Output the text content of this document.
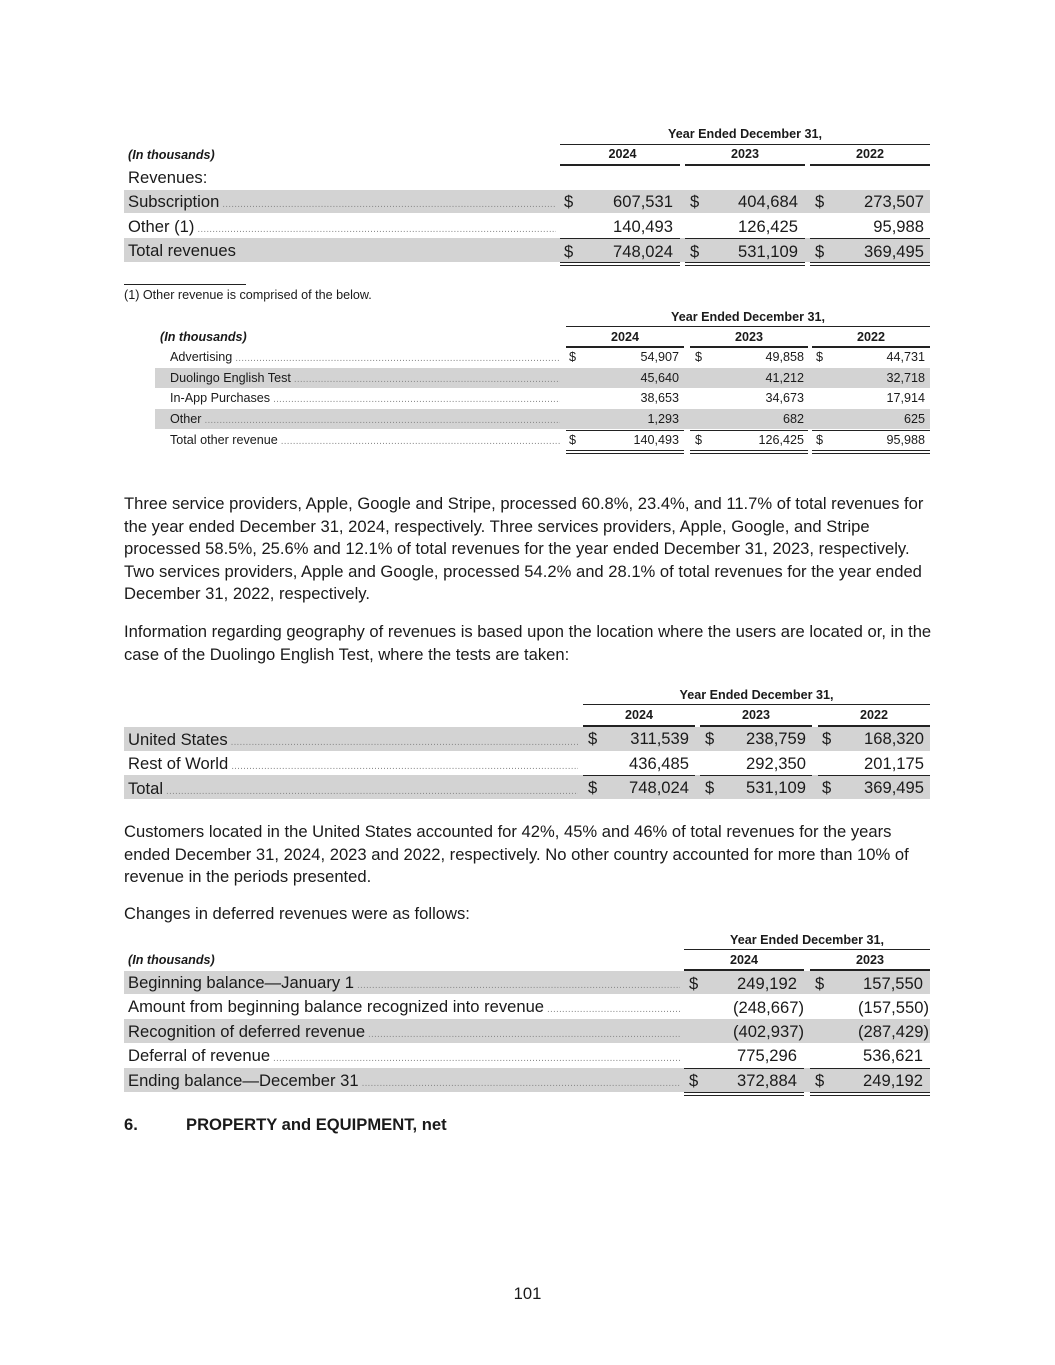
Year Ended December 31,
(In thousands)	2024	2023	2022
Revenues:
Subscription .....	$	607,531 $	404,684 $	273,507
Other (1) .....	140,493	126,425	95,988
Total revenues	$	748,024 $	531,109 $	369,495
(1) Other revenue is comprised of the below.
Year Ended December 31,
(In thousands)	2024	2023	2022
Advertising .....	$	54,907 $	49,858 $	44,731
Duolingo English Test .....	45,640	41,212	32,718
In-App Purchases .....	38,653	34,673	17,914
Other .....	1,293	682	625
Total other revenue .....	$	140,493 $	126,425 $	95,988
Three service providers, Apple, Google and Stripe, processed 60.8%, 23.4%, and 11.7% of total revenues for the year ended December 31, 2024, respectively. Three services providers, Apple, Google, and Stripe processed 58.5%, 25.6% and 12.1% of total revenues for the year ended December 31, 2023, respectively. Two services providers, Apple and Google, processed 54.2% and 28.1% of total revenues for the year ended December 31, 2022, respectively.
Information regarding geography of revenues is based upon the location where the users are located or, in the case of the Duolingo English Test, where the tests are taken:
Year Ended December 31,
2024	2023	2022
United States .....	$	311,539 $	238,759 $	168,320
Rest of World .....	436,485	292,350	201,175
Total .....	$	748,024 $	531,109 $	369,495
Customers located in the United States accounted for 42%, 45% and 46% of total revenues for the years ended December 31, 2024, 2023 and 2022, respectively. No other country accounted for more than 10% of revenue in the periods presented.
Changes in deferred revenues were as follows:
Year Ended December 31,
(In thousands)	2024	2023
Beginning balance—January 1 .....	$	249,192 $	157,550
Amount from beginning balance recognized into revenue .....	(248,667)	(157,550)
Recognition of deferred revenue .....	(402,937)	(287,429)
Deferral of revenue .....	775,296	536,621
Ending balance—December 31 .....	$	372,884 $	249,192
6.	PROPERTY and EQUIPMENT, net
101
